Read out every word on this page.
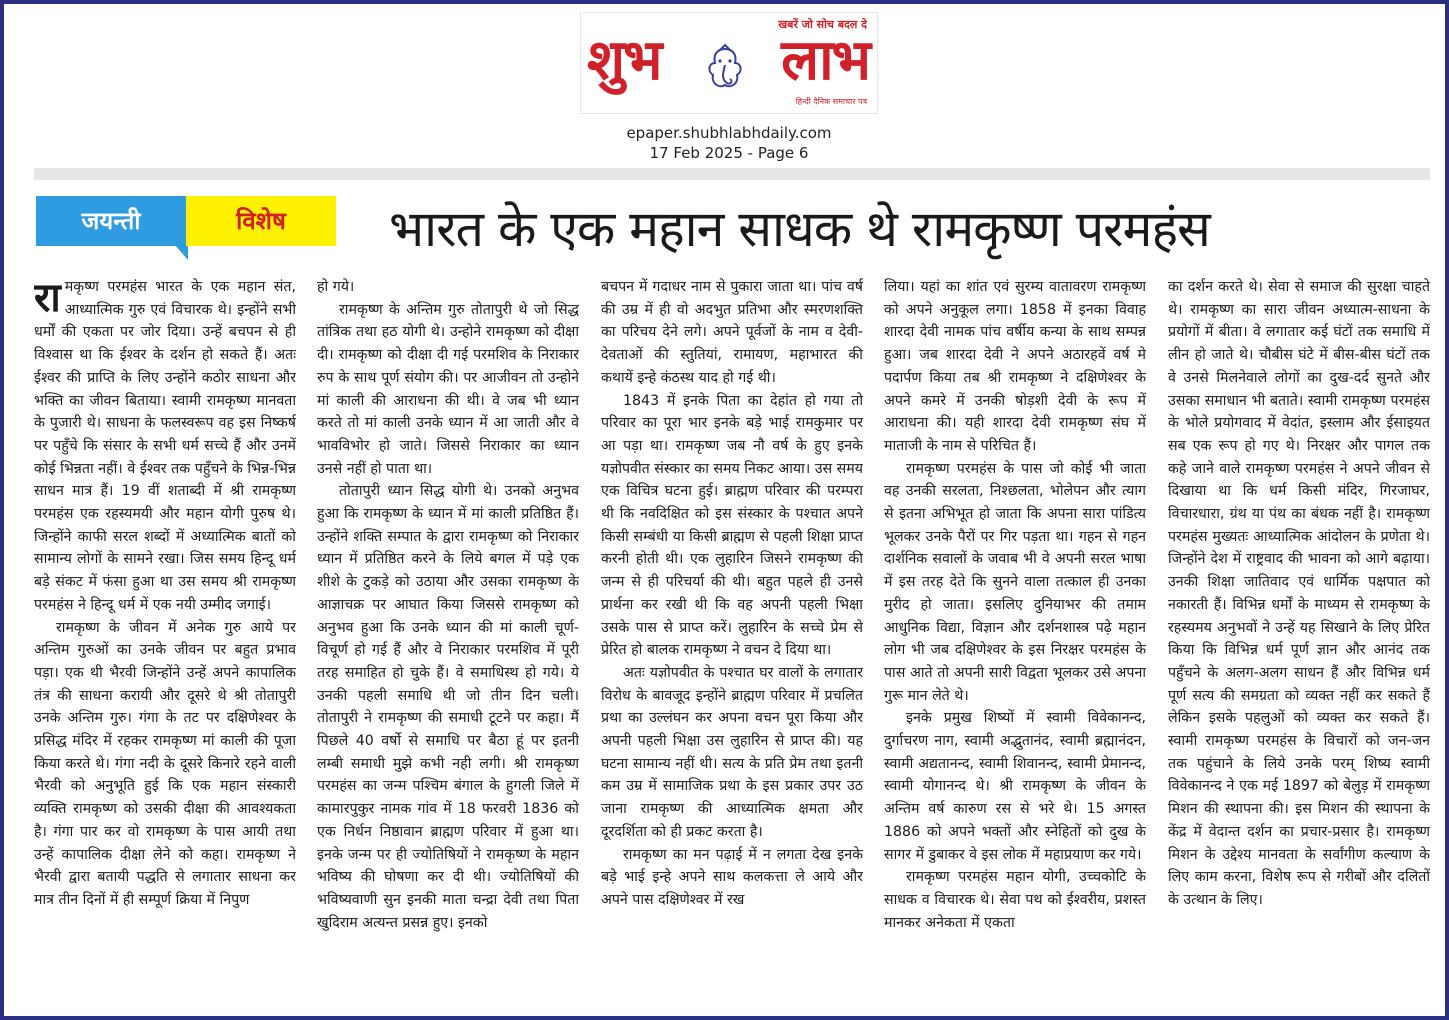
खबरें जो सोच बदल दे
शुभ लाभ
हिन्दी दैनिक समाचार पत्र
epaper.shubhlabhdaily.com
17 Feb 2025 - Page 6
जयन्ती	विशेष	भारत के एक महान साधक थे रामकृष्ण परमहंस

रामकृष्ण परमहंस भारत के एक महान संत, आध्यात्मिक गुरु एवं विचारक थे। इन्होंने सभी धर्मों की एकता पर जोर दिया। उन्हें बचपन से ही विश्वास था कि ईश्वर के दर्शन हो सकते हैं। अतः ईश्वर की प्राप्ति के लिए उन्होंने कठोर साधना और भक्ति का जीवन बिताया। स्वामी रामकृष्ण मानवता के पुजारी थे। साधना के फलस्वरूप वह इस निष्कर्ष पर पहुँचे कि संसार के सभी धर्म सच्चे हैं और उनमें कोई भिन्नता नहीं। वे ईश्वर तक पहुँचने के भिन्न-भिन्न साधन मात्र हैं। 19 वीं शताब्दी में श्री रामकृष्ण परमहंस एक रहस्यमयी और महान योगी पुरुष थे। जिन्होंने काफी सरल शब्दों में अध्यात्मिक बातों को सामान्य लोगों के सामने रखा। जिस समय हिन्दू धर्म बड़े संकट में फंसा हुआ था उस समय श्री रामकृष्ण परमहंस ने हिन्दू धर्म में एक नयी उम्मीद जगाई।

रामकृष्ण के जीवन में अनेक गुरु आये पर अन्तिम गुरुओं का उनके जीवन पर बहुत प्रभाव पड़ा। एक थी भैरवी जिन्होंने उन्हें अपने कापालिक तंत्र की साधना करायी और दूसरे थे श्री तोतापुरी उनके अन्तिम गुरु। गंगा के तट पर दक्षिणेश्वर के प्रसिद्ध मंदिर में रहकर रामकृष्ण मां काली की पूजा किया करते थे। गंगा नदी के दूसरे किनारे रहने वाली भैरवी को अनुभूति हुई कि एक महान संस्कारी व्यक्ति रामकृष्ण को उसकी दीक्षा की आवश्यकता है। गंगा पार कर वो रामकृष्ण के पास आयी तथा उन्हें कापालिक दीक्षा लेने को कहा। रामकृष्ण ने भैरवी द्वारा बतायी पद्धति से लगातार साधना कर मात्र तीन दिनों में ही सम्पूर्ण क्रिया में निपुण

हो गये।

रामकृष्ण के अन्तिम गुरु तोतापुरी थे जो सिद्ध तांत्रिक तथा हठ योगी थे। उन्होने रामकृष्ण को दीक्षा दी। रामकृष्ण को दीक्षा दी गई परमशिव के निराकार रुप के साथ पूर्ण संयोग की। पर आजीवन तो उन्होने मां काली की आराधना की थी। वे जब भी ध्यान करते तो मां काली उनके ध्यान में आ जाती और वे भावविभोर हो जाते। जिससे निराकार का ध्यान उनसे नहीं हो पाता था।

तोतापुरी ध्यान सिद्ध योगी थे। उनको अनुभव हुआ कि रामकृष्ण के ध्यान में मां काली प्रतिष्ठित हैं। उन्होंने शक्ति सम्पात के द्वारा रामकृष्ण को निराकार ध्यान में प्रतिष्ठित करने के लिये बगल में पड़े एक शीशे के टुकड़े को उठाया और उसका रामकृष्ण के आज्ञाचक्र पर आघात किया जिससे रामकृष्ण को अनुभव हुआ कि उनके ध्यान की मां काली चूर्ण-विचूर्ण हो गई हैं और वे निराकार परमशिव में पूरी तरह समाहित हो चुके हैं। वे समाधिस्थ हो गये। ये उनकी पहली समाधि थी जो तीन दिन चली। तोतापुरी ने रामकृष्ण की समाधी टूटने पर कहा। मैं पिछले 40 वर्षो से समाधि पर बैठा हूं पर इतनी लम्बी समाधी मुझे कभी नही लगी। श्री रामकृष्ण परमहंस का जन्म पश्चिम बंगाल के हुगली जिले में कामारपुकुर नामक गांव में 18 फरवरी 1836 को एक निर्धन निष्ठावान ब्राह्मण परिवार में हुआ था। इनके जन्म पर ही ज्योतिषियों ने रामकृष्ण के महान भविष्य की घोषणा कर दी थी। ज्योतिषियों की भविष्यवाणी सुन इनकी माता चन्द्रा देवी तथा पिता खुदिराम अत्यन्त प्रसन्न हुए। इनको

बचपन में गदाधर नाम से पुकारा जाता था। पांच वर्ष की उम्र में ही वो अदभुत प्रतिभा और स्मरणशक्ति का परिचय देने लगे। अपने पूर्वजों के नाम व देवी- देवताओं की स्तुतियां, रामायण, महाभारत की कथायें इन्हे कंठस्थ याद हो गई थी।

1843 में इनके पिता का देहांत हो गया तो परिवार का पूरा भार इनके बड़े भाई रामकुमार पर आ पड़ा था। रामकृष्ण जब नौ वर्ष के हुए इनके यज्ञोपवीत संस्कार का समय निकट आया। उस समय एक विचित्र घटना हुई। ब्राह्मण परिवार की परम्परा थी कि नवदिक्षित को इस संस्कार के पश्चात अपने किसी सम्बंधी या किसी ब्राह्मण से पहली शिक्षा प्राप्त करनी होती थी। एक लुहारिन जिसने रामकृष्ण की जन्म से ही परिचर्या की थी। बहुत पहले ही उनसे प्रार्थना कर रखी थी कि वह अपनी पहली भिक्षा उसके पास से प्राप्त करें। लुहारिन के सच्चे प्रेम से प्रेरित हो बालक रामकृष्ण ने वचन दे दिया था।

अतः यज्ञोपवीत के पश्चात घर वालों के लगातार विरोध के बावजूद इन्होंने ब्राह्मण परिवार में प्रचलित प्रथा का उल्लंघन कर अपना वचन पूरा किया और अपनी पहली भिक्षा उस लुहारिन से प्राप्त की। यह घटना सामान्य नहीं थी। सत्य के प्रति प्रेम तथा इतनी कम उम्र में सामाजिक प्रथा के इस प्रकार उपर उठ जाना रामकृष्ण की आध्यात्मिक क्षमता और दूरदर्शिता को ही प्रकट करता है।

रामकृष्ण का मन पढ़ाई में न लगता देख इनके बड़े भाई इन्हे अपने साथ कलकत्ता ले आये और अपने पास दक्षिणेश्वर में रख

लिया। यहां का शांत एवं सुरम्य वातावरण रामकृष्ण को अपने अनुकूल लगा। 1858 में इनका विवाह शारदा देवी नामक पांच वर्षीय कन्या के साथ सम्पन्न हुआ। जब शारदा देवी ने अपने अठारहवें वर्ष मे पदार्पण किया तब श्री रामकृष्ण ने दक्षिणेश्वर के अपने कमरे में उनकी षोड़शी देवी के रूप में आराधना की। यही शारदा देवी रामकृष्ण संघ में माताजी के नाम से परिचित हैं।

रामकृष्ण परमहंस के पास जो कोई भी जाता वह उनकी सरलता, निश्छलता, भोलेपन और त्याग से इतना अभिभूत हो जाता कि अपना सारा पांडित्य भूलकर उनके पैरों पर गिर पड़ता था। गहन से गहन दार्शनिक सवालों के जवाब भी वे अपनी सरल भाषा में इस तरह देते कि सुनने वाला तत्काल ही उनका मुरीद हो जाता। इसलिए दुनियाभर की तमाम आधुनिक विद्या, विज्ञान और दर्शनशास्त्र पढ़े महान लोग भी जब दक्षिणेश्वर के इस निरक्षर परमहंस के पास आते तो अपनी सारी विद्वता भूलकर उसे अपना गुरू मान लेते थे।

इनके प्रमुख शिष्यों में स्वामी विवेकानन्द, दुर्गाचरण नाग, स्वामी अद्भुतानंद, स्वामी ब्रह्मानंदन, स्वामी अद्यतानन्द, स्वामी शिवानन्द, स्वामी प्रेमानन्द, स्वामी योगानन्द थे। श्री रामकृष्ण के जीवन के अन्तिम वर्ष कारुण रस से भरे थे। 15 अगस्त 1886 को अपने भक्तों और स्नेहितों को दुख के सागर में डुबाकर वे इस लोक में महाप्रयाण कर गये।

रामकृष्ण परमहंस महान योगी, उच्चकोटि के साधक व विचारक थे। सेवा पथ को ईश्वरीय, प्रशस्त मानकर अनेकता में एकता

का दर्शन करते थे। सेवा से समाज की सुरक्षा चाहते थे। रामकृष्ण का सारा जीवन अध्यात्म-साधना के प्रयोगों में बीता। वे लगातार कई घंटों तक समाधि में लीन हो जाते थे। चौबीस घंटे में बीस-बीस घंटों तक वे उनसे मिलनेवाले लोगों का दुख-दर्द सुनते और उसका समाधान भी बताते। स्वामी रामकृष्ण परमहंस के भोले प्रयोगवाद में वेदांत, इस्लाम और ईसाइयत सब एक रूप हो गए थे। निरक्षर और पागल तक कहे जाने वाले रामकृष्ण परमहंस ने अपने जीवन से दिखाया था कि धर्म किसी मंदिर, गिरजाघर, विचारधारा, ग्रंथ या पंथ का बंधक नहीं है। रामकृष्ण परमहंस मुख्यतः आध्यात्मिक आंदोलन के प्रणेता थे। जिन्होंने देश में राष्ट्रवाद की भावना को आगे बढ़ाया। उनकी शिक्षा जातिवाद एवं धार्मिक पक्षपात को नकारती हैं। विभिन्न धर्मों के माध्यम से रामकृष्ण के रहस्यमय अनुभवों ने उन्हें यह सिखाने के लिए प्रेरित किया कि विभिन्न धर्म पूर्ण ज्ञान और आनंद तक पहुँचने के अलग-अलग साधन हैं और विभिन्न धर्म पूर्ण सत्य की समग्रता को व्यक्त नहीं कर सकते हैं लेकिन इसके पहलुओं को व्यक्त कर सकते हैं। स्वामी रामकृष्ण परमहंस के विचारों को जन-जन तक पहुंचाने के लिये उनके परम् शिष्य स्वामी विवेकानन्द ने एक मई 1897 को बेलुड़ में रामकृष्ण मिशन की स्थापना की। इस मिशन की स्थापना के केंद्र में वेदान्त दर्शन का प्रचार-प्रसार है। रामकृष्ण मिशन के उद्देश्य मानवता के सर्वांगीण कल्याण के लिए काम करना, विशेष रूप से गरीबों और दलितों के उत्थान के लिए।
